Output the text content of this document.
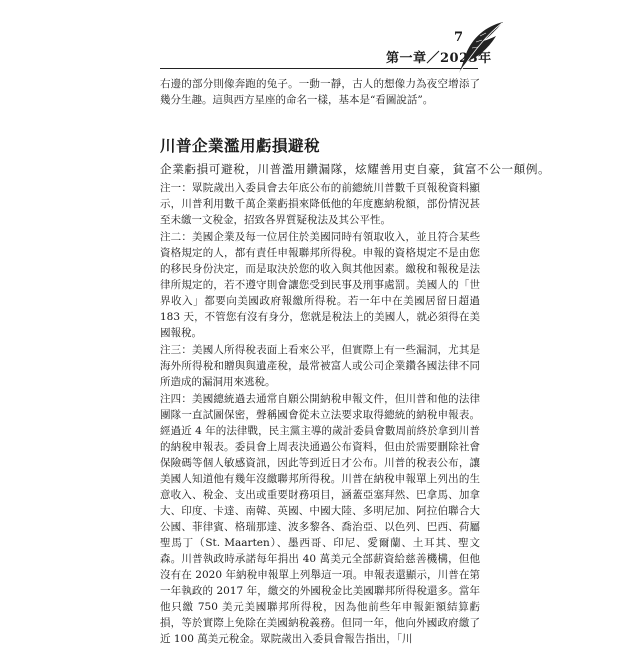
7
第一章／2023年
右邊的部分則像奔跑的兔子。一動一靜，古人的想像力為夜空增添了幾分生趣。這與西方星座的命名一樣，基本是“看圖說話”。
川普企業濫用虧損避稅
企業虧損可避稅，川普濫用鑽漏隊，炫耀善用吏自豪，貧富不公一顛例。

注一：眾院歲出入委員會去年底公布的前總統川普數千頁報稅資料顯示，川普利用數千萬企業虧損來降低他的年度應納稅額，部份情況甚至未繳一文稅金，招致各界質疑稅法及其公平性。

注二：美國企業及每一位居住於美國同時有領取收入，並且符合某些資格規定的人，都有責任申報聯邦所得稅。申報的資格規定不是由您的移民身份決定，而是取決於您的收入與其他因素。繳稅和報稅是法律所規定的，若不遵守則會讓您受到民事及刑事處罰。美國人的「世界收入」都要向美國政府報繳所得稅。若一年中在美國居留日超過 183 天，不管您有沒有身分，您就是稅法上的美國人，就必須得在美國報稅。

注三：美國人所得稅表面上看來公平，但實際上有一些漏洞，尤其是海外所得稅和贈與與遺產稅，最常被富人或公司企業鑽各國法律不同所造成的漏洞用來逃稅。

注四：美國總統過去通常自願公開納稅申報文件，但川普和他的法律團隊一直試圖保密，聲稱國會從未立法要求取得總統的納稅申報表。經過近 4 年的法律戰，民主黨主導的歲計委員會數周前終於拿到川普的納稅申報表。委員會上周表決通過公布資料，但由於需要刪除社會保險碼等個人敏感資訊，因此等到近日才公布。川普的稅表公布，讓美國人知道他有幾年沒繳聯邦所得稅。川普在納稅申報單上列出的生意收入、稅金、支出或重要財務項目，涵蓋亞塞拜然、巴拿馬、加拿大、印度、卡達、南韓、英國、中國大陸、多明尼加、阿拉伯聯合大公國、菲律賓、格瑞那達、波多黎各、喬治亞、以色列、巴西、荷屬聖馬丁（St. Maarten）、墨西哥、印尼、愛爾蘭、土耳其、聖文森。川普執政時承諾每年捐出 40 萬美元全部薪資給慈善機構，但他沒有在 2020 年納稅申報單上列舉這一項。申報表還顯示，川普在第一年執政的 2017 年，繳交的外國稅金比美國聯邦所得稅還多。當年他只繳 750 美元美國聯邦所得稅，因為他前些年申報鉅額結算虧損，等於實際上免除在美國納稅義務。但同一年，他向外國政府繳了近 100 萬美元稅金。眾院歲出入委員會報告指出，「川
